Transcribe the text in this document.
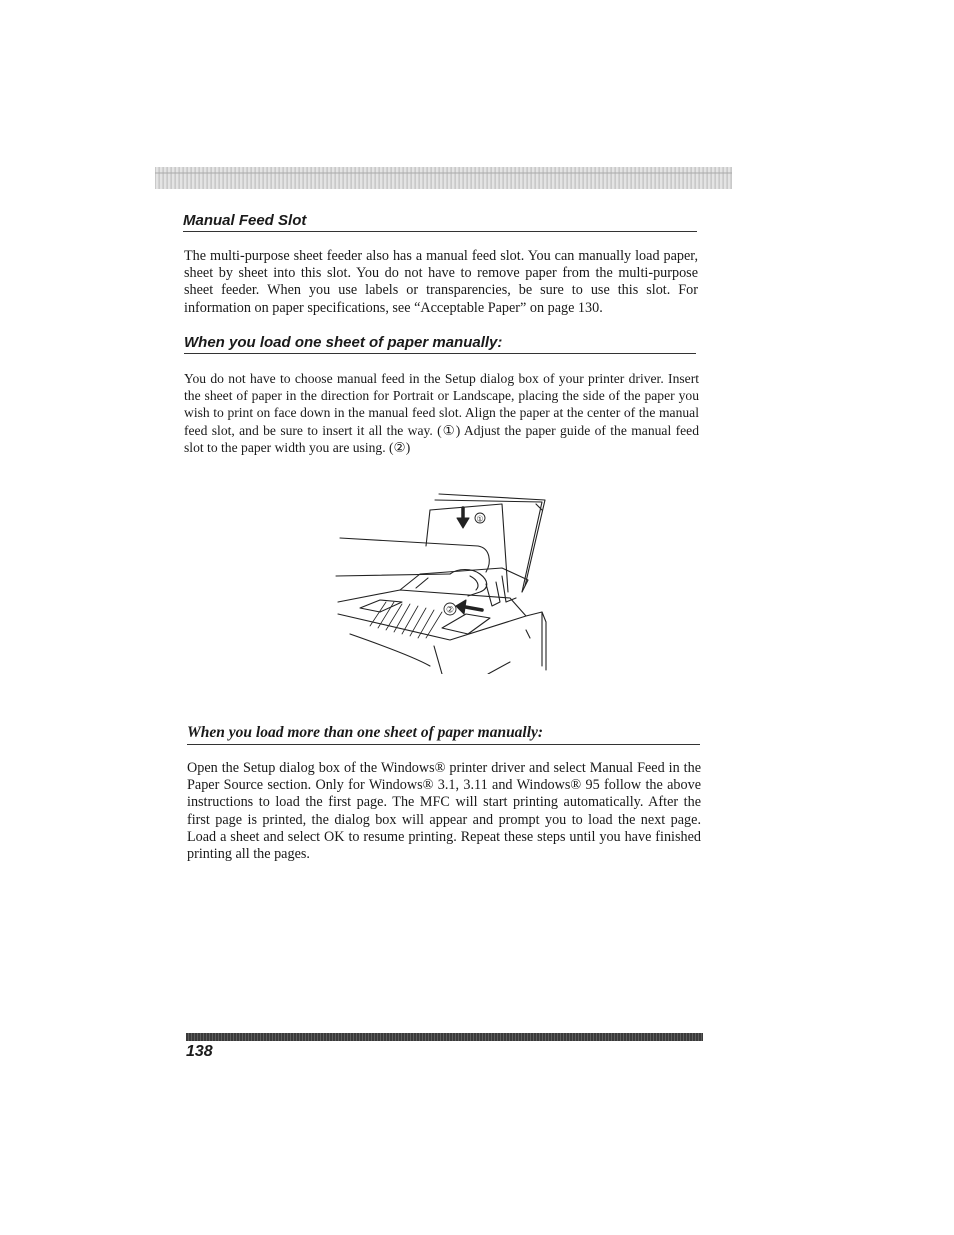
Manual Feed Slot

The multi-purpose sheet feeder also has a manual feed slot. You can manually load paper, sheet by sheet into this slot. You do not have to remove paper from the multi-purpose sheet feeder. When you use labels or transparencies, be sure to use this slot. For information on paper specifications, see “Acceptable Paper” on page 130.

When you load one sheet of paper manually:

You do not have to choose manual feed in the Setup dialog box of your printer driver. Insert the sheet of paper in the direction for Portrait or Landscape, placing the side of the paper you wish to print on face down in the manual feed slot. Align the paper at the center of the manual feed slot, and be sure to insert it all the way. (①) Adjust the paper guide of the manual feed slot to the paper width you are using. (②)

①
②
When you load more than one sheet of paper manually:

Open the Setup dialog box of the Windows® printer driver and select Manual Feed in the Paper Source section. Only for Windows® 3.1, 3.11 and Windows® 95 follow the above instructions to load the first page. The MFC will start printing automatically. After the first page is printed, the dialog box will appear and prompt you to load the next page. Load a sheet and select OK to resume printing. Repeat these steps until you have finished printing all the pages.

138
